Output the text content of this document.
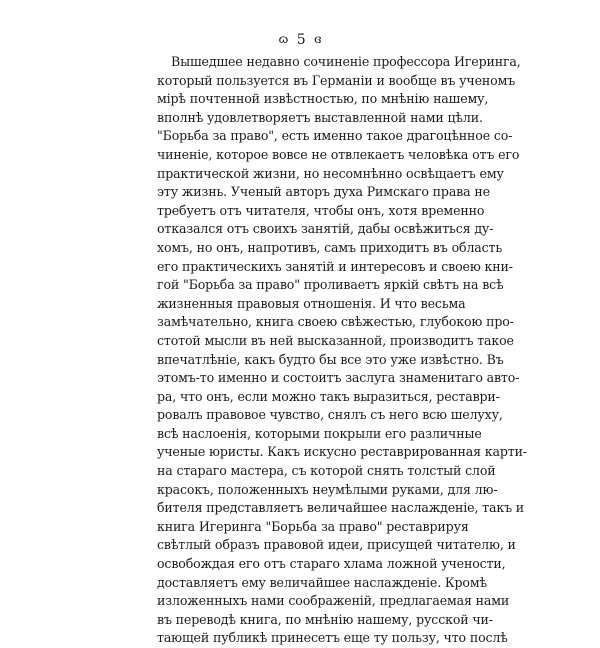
ɷ 5 ɞ
Вышедшее недавно сочиненіе профессора Игеринга,
который пользуется въ Германіи и вообще въ ученомъ
мірѣ почтенной извѣстностью, по мнѣнію нашему,
вполнѣ удовлетворяетъ выставленной нами цѣли.
"Борьба за право", есть именно такое драгоцѣнное со-
чиненіе, которое вовсе не отвлекаетъ человѣка отъ его
практической жизни, но несомнѣнно освѣщаетъ ему
эту жизнь. Ученый авторъ духа Римскаго права не
требуетъ отъ читателя, чтобы онъ, хотя временно
отказался отъ своихъ занятій, дабы освѣжиться ду-
хомъ, но онъ, напротивъ, самъ приходитъ въ область
его практическихъ занятій и интересовъ и своею кни-
гой "Борьба за право" проливаетъ яркій свѣтъ на всѣ
жизненныя правовыя отношенія. И что весьма
замѣчательно, книга своею свѣжестью, глубокою про-
стотой мысли въ ней высказанной, производитъ такое
впечатлѣніе, какъ будто бы все это уже извѣстно. Въ
этомъ-то именно и состоитъ заслуга знаменитаго авто-
ра, что онъ, если можно такъ выразиться, реставри-
ровалъ правовое чувство, снялъ съ него всю шелуху,
всѣ наслоенія, которыми покрыли его различные
ученые юристы. Какъ искусно реставрированная карти-
на стараго мастера, съ которой снять толстый слой
красокъ, положенныхъ неумѣлыми руками, для лю-
бителя представляетъ величайшее наслажденіе, такъ и
книга Игеринга "Борьба за право" реставрируя
свѣтлый образъ правовой идеи, присущей читателю, и
освобождая его отъ стараго хлама ложной учености,
доставляетъ ему величайшее наслажденіе. Кромѣ
изложенныхъ нами соображеній, предлагаемая нами
въ переводѣ книга, по мнѣнію нашему, русской чи-
тающей публикѣ принесетъ еще ту пользу, что послѣ
